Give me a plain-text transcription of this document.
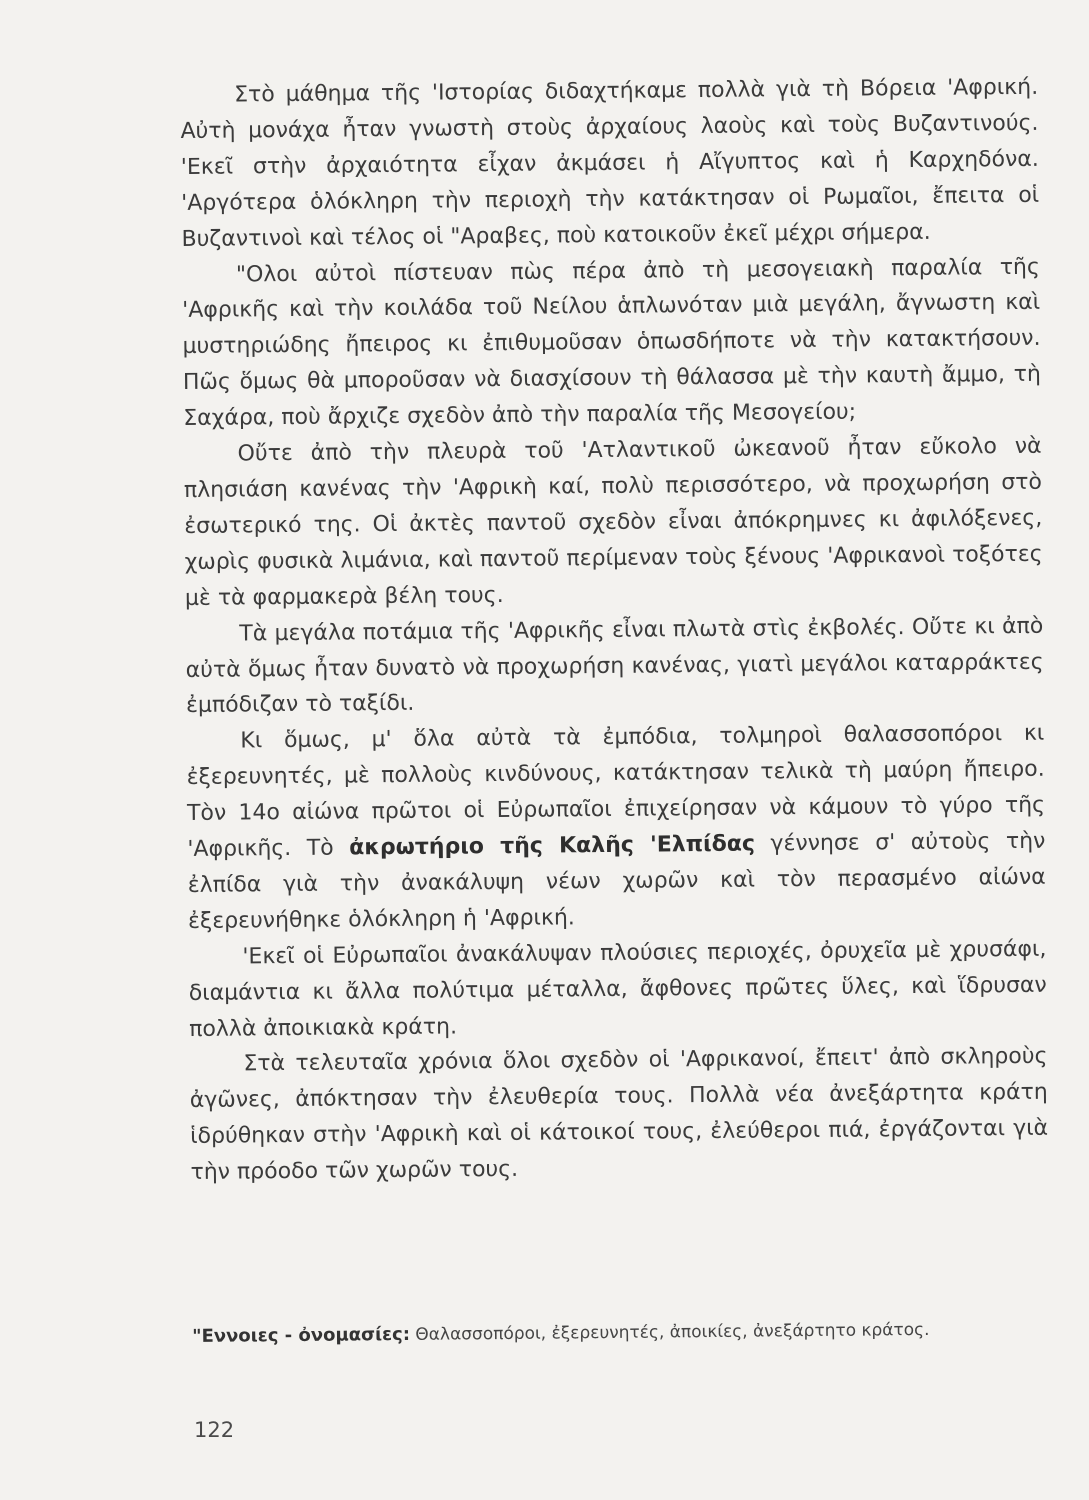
Στὸ μάθημα τῆς 'Ιστορίας διδαχτήκαμε πολλὰ γιὰ τὴ Βόρεια 'Αφρική. Αὐτὴ μονάχα ἦταν γνωστὴ στοὺς ἀρχαίους λαοὺς καὶ τοὺς Βυζαντινούς. 'Εκεῖ στὴν ἀρχαιότητα εἶχαν ἀκμάσει ἡ Αἴγυπτος καὶ ἡ Καρχηδόνα. 'Αργότερα ὁλόκληρη τὴν περιοχὴ τὴν κατάκτησαν οἱ Ρωμαῖοι, ἔπειτα οἱ Βυζαντινοὶ καὶ τέλος οἱ "Αραβες, ποὺ κατοικοῦν ἐκεῖ μέχρι σήμερα.

"Ολοι αὐτοὶ πίστευαν πὼς πέρα ἀπὸ τὴ μεσογειακὴ παραλία τῆς 'Αφρικῆς καὶ τὴν κοιλάδα τοῦ Νείλου ἁπλωνόταν μιὰ μεγάλη, ἄγνωστη καὶ μυστηριώδης ἤπειρος κι ἐπιθυμοῦσαν ὁπωσδήποτε νὰ τὴν κατακτήσουν. Πῶς ὅμως θὰ μποροῦσαν νὰ διασχίσουν τὴ θάλασσα μὲ τὴν καυτὴ ἄμμο, τὴ Σαχάρα, ποὺ ἄρχιζε σχεδὸν ἀπὸ τὴν παραλία τῆς Μεσογείου;

Οὔτε ἀπὸ τὴν πλευρὰ τοῦ 'Ατλαντικοῦ ὠκεανοῦ ἦταν εὔκολο νὰ πλησιάση κανένας τὴν 'Αφρικὴ καί, πολὺ περισσότερο, νὰ προχωρήση στὸ ἐσωτερικό της. Οἱ ἀκτὲς παντοῦ σχεδὸν εἶναι ἀπόκρημνες κι ἀφιλόξενες, χωρὶς φυσικὰ λιμάνια, καὶ παντοῦ περίμεναν τοὺς ξένους 'Αφρικανοὶ τοξότες μὲ τὰ φαρμακερὰ βέλη τους.

Τὰ μεγάλα ποτάμια τῆς 'Αφρικῆς εἶναι πλωτὰ στὶς ἐκβολές. Οὔτε κι ἀπὸ αὐτὰ ὅμως ἦταν δυνατὸ νὰ προχωρήση κανένας, γιατὶ μεγάλοι καταρράκτες ἐμπόδιζαν τὸ ταξίδι.

Κι ὅμως, μ' ὅλα αὐτὰ τὰ ἐμπόδια, τολμηροὶ θαλασσοπόροι κι ἐξερευνητές, μὲ πολλοὺς κινδύνους, κατάκτησαν τελικὰ τὴ μαύρη ἤπειρο. Τὸν 14ο αἰώνα πρῶτοι οἱ Εὐρωπαῖοι ἐπιχείρησαν νὰ κάμουν τὸ γύρο τῆς 'Αφρικῆς. Τὸ ἀκρωτήριο τῆς Καλῆς 'Ελπίδας γέννησε σ' αὐτοὺς τὴν ἐλπίδα γιὰ τὴν ἀνακάλυψη νέων χωρῶν καὶ τὸν περασμένο αἰώνα ἐξερευνήθηκε ὁλόκληρη ἡ 'Αφρική.

'Εκεῖ οἱ Εὐρωπαῖοι ἀνακάλυψαν πλούσιες περιοχές, ὀρυχεῖα μὲ χρυσάφι, διαμάντια κι ἄλλα πολύτιμα μέταλλα, ἄφθονες πρῶτες ὕλες, καὶ ἵδρυσαν πολλὰ ἀποικιακὰ κράτη.

Στὰ τελευταῖα χρόνια ὅλοι σχεδὸν οἱ 'Αφρικανοί, ἔπειτ' ἀπὸ σκληροὺς ἀγῶνες, ἀπόκτησαν τὴν ἐλευθερία τους. Πολλὰ νέα ἀνεξάρτητα κράτη ἱδρύθηκαν στὴν 'Αφρικὴ καὶ οἱ κάτοικοί τους, ἐλεύθεροι πιά, ἐργάζονται γιὰ τὴν πρόοδο τῶν χωρῶν τους.

"Εννοιες - ὀνομασίες: Θαλασσοπόροι, ἐξερευνητές, ἀποικίες, ἀνεξάρτητο κράτος.
122
